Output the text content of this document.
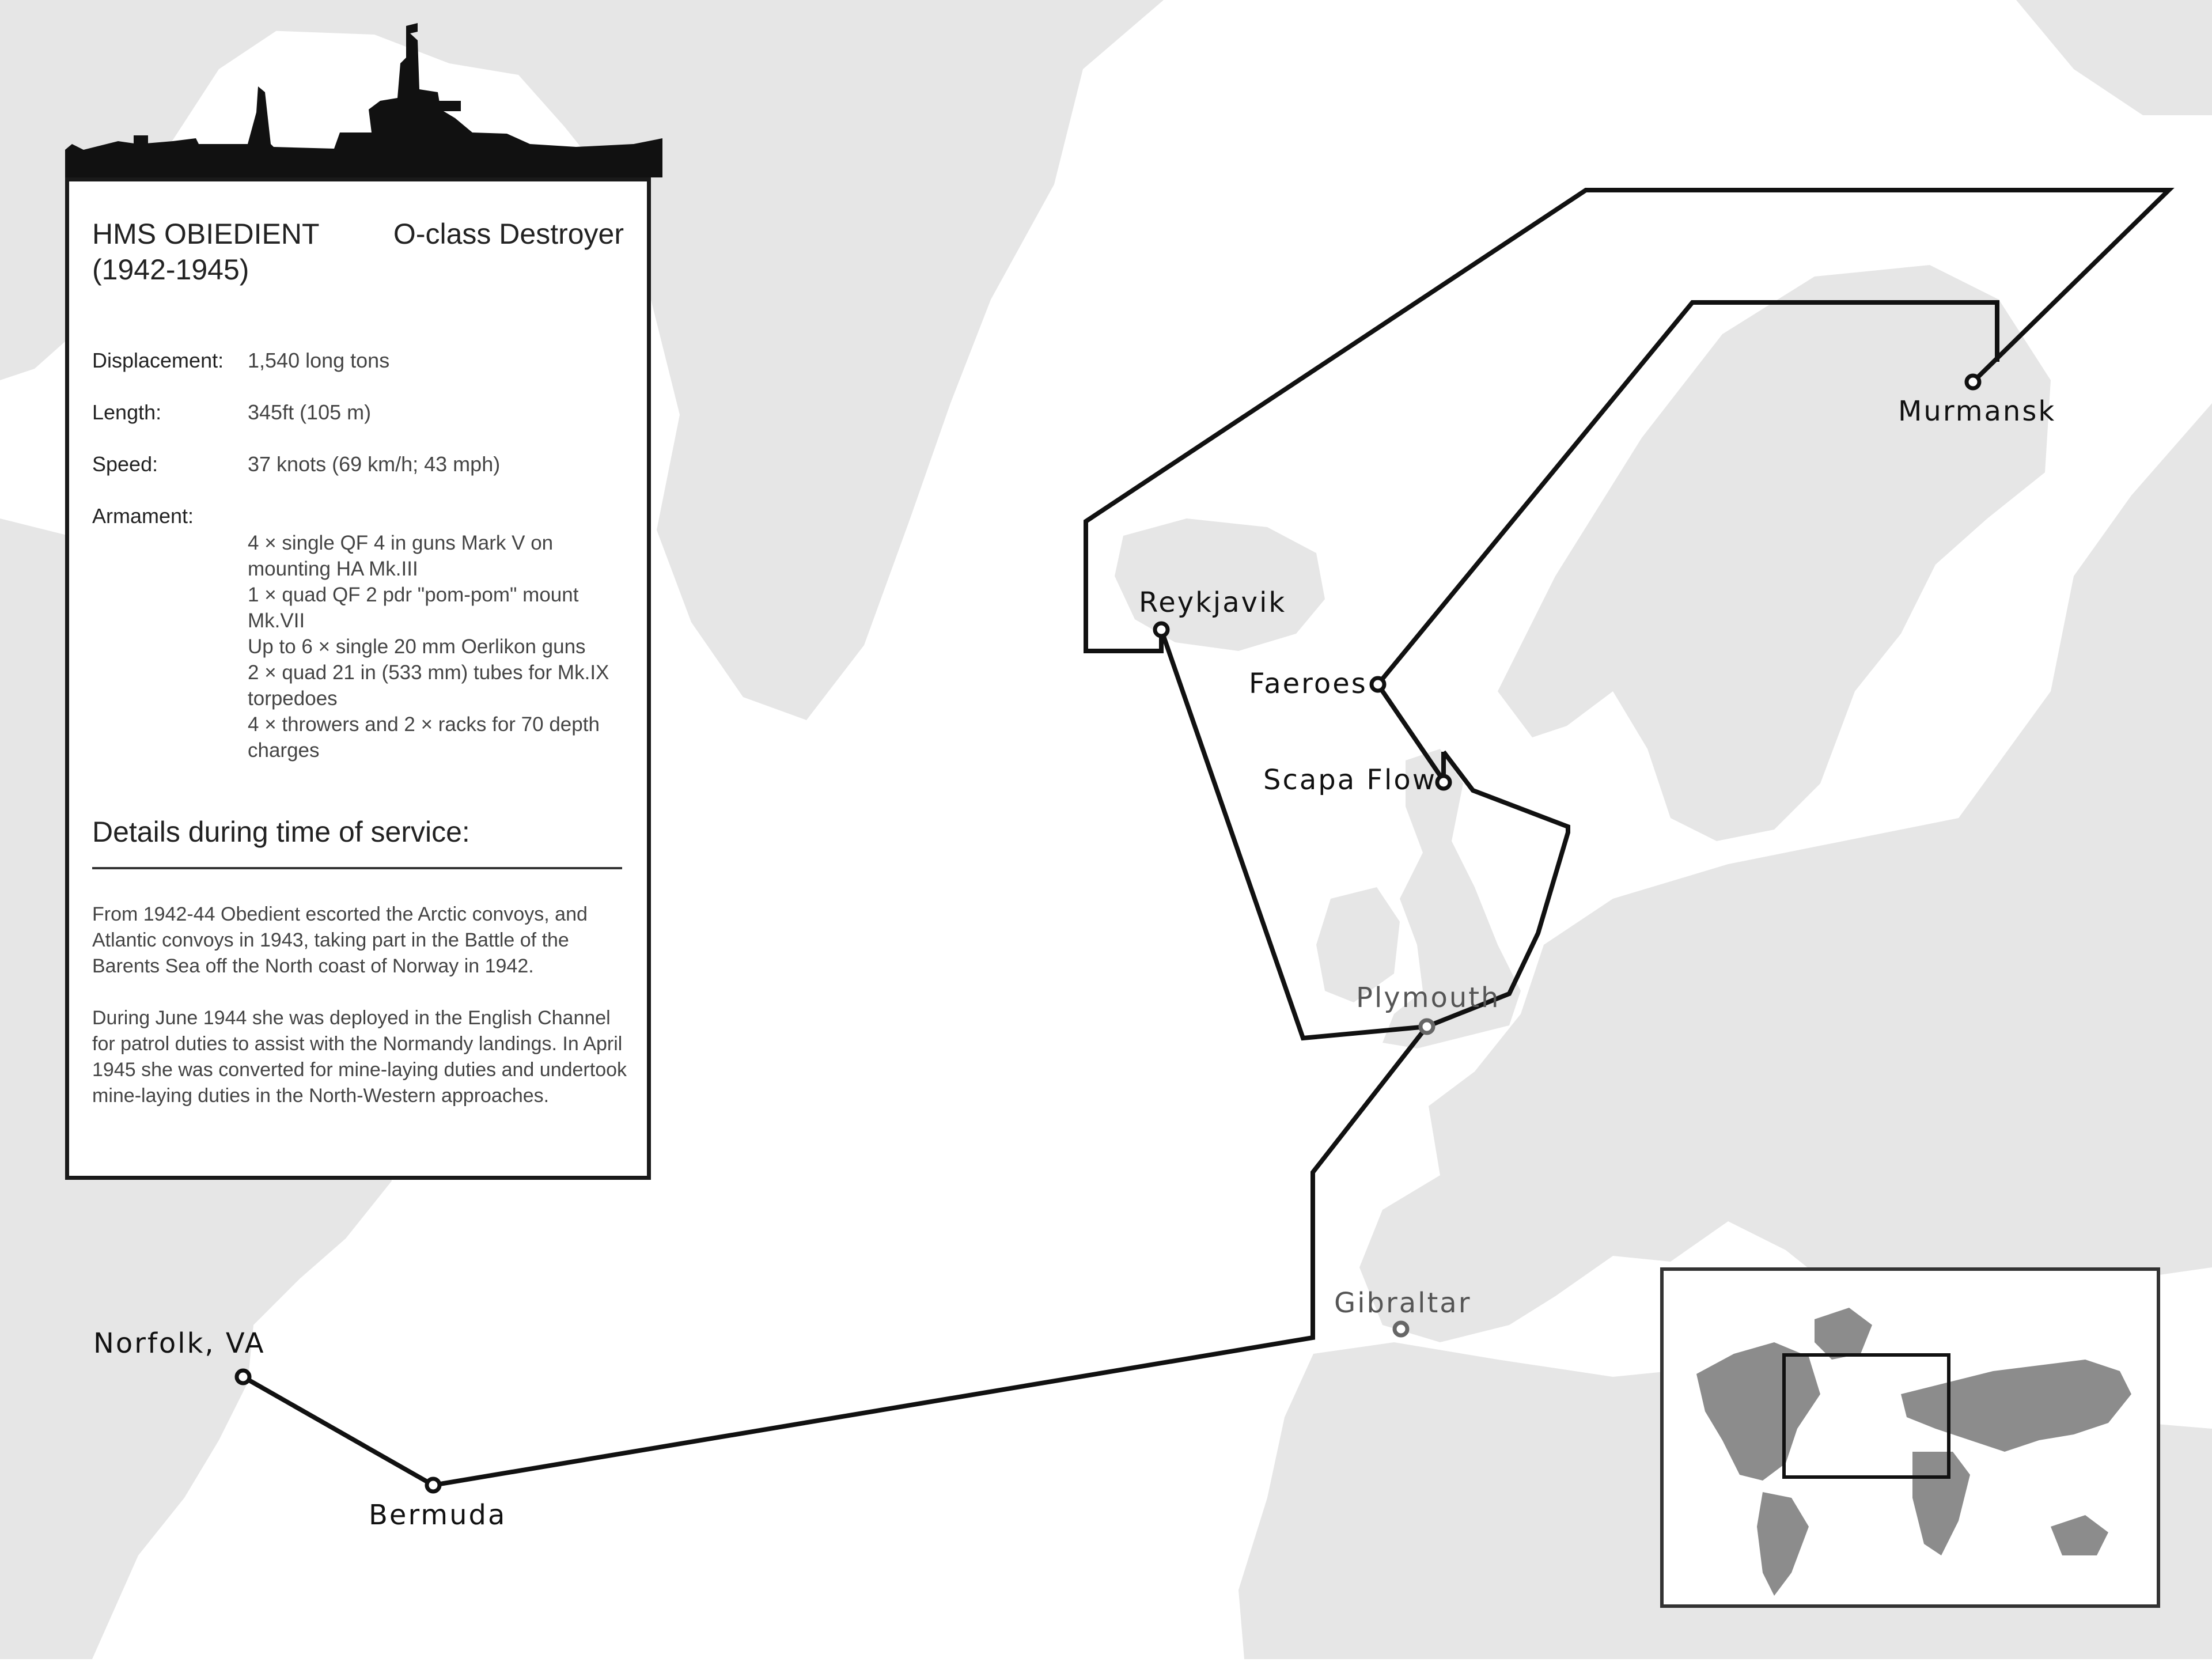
Murmansk
Reykjavik
Faeroes
Scapa Flow
Plymouth
Gibraltar
Norfolk, VA
Bermuda
HMS OBIEDIENT
(1942-1945)
O-class Destroyer
Displacement: 1,540 long tons
Length:	345ft (105 m)
Speed:	37 knots (69 km/h; 43 mph)
Armament:
4 × single QF 4 in guns Mark V on mounting HA Mk.III
1 × quad QF 2 pdr "pom-pom" mount Mk.VII
Up to 6 × single 20 mm Oerlikon guns
2 × quad 21 in (533 mm) tubes for Mk.IX torpedoes
4 × throwers and 2 × racks for 70 depth charges
Details during time of service:
From 1942-44 Obedient escorted the Arctic convoys, and Atlantic convoys in 1943, taking part in the Battle of the Barents Sea off the North coast of Norway in 1942.
During June 1944 she was deployed in the English Channel for patrol duties to assist with the Normandy landings. In April 1945 she was converted for mine-laying duties and undertook mine-laying duties in the North-Western approaches.
